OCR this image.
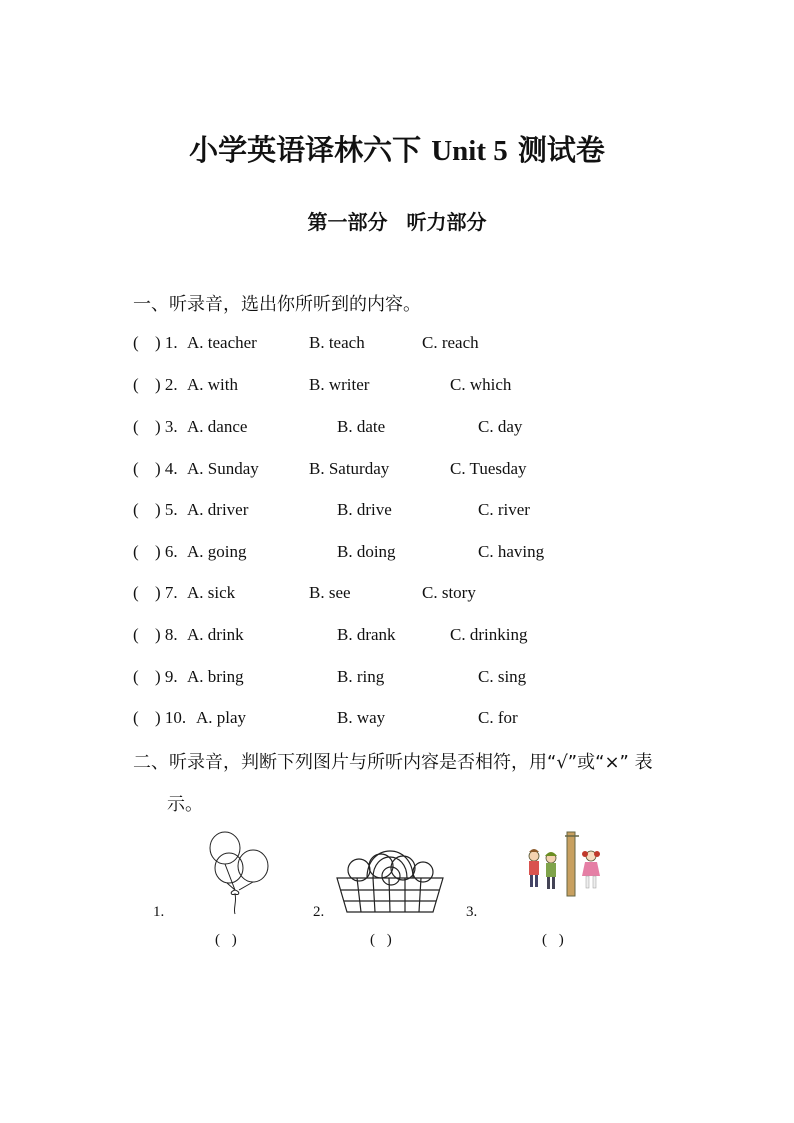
小学英语译林六下 Unit 5 测试卷
第一部分 听力部分
一、听录音，选出你所听到的内容。
( ) 1. A. teacher	B. teach	C. reach
( ) 2. A. with	B. writer	C. which
( ) 3. A. dance	B. date	C. day
( ) 4. A. Sunday	B. Saturday	C. Tuesday
( ) 5. A. driver	B. drive	C. river
( ) 6. A. going	B. doing	C. having
( ) 7. A. sick	B. see	C. story
( ) 8. A. drink	B. drank	C. drinking
( ) 9. A. bring	B. ring	C. sing
( ) 10. A. play	B. way	C. for
二、听录音，判断下列图片与所听内容是否相符，用“√”或“×” 表
示。
1.	2.	3.
( )	( )	( )
